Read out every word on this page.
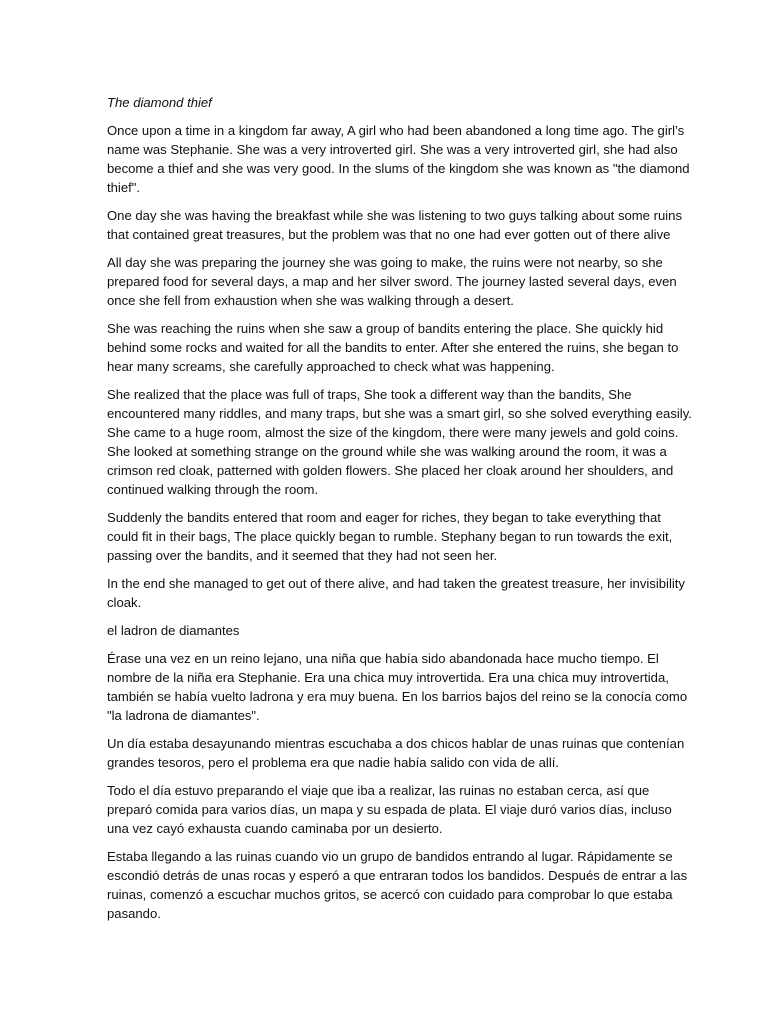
The diamond thief

Once upon a time in a kingdom far away, A girl who had been abandoned a long time ago. The girl’s name was Stephanie. She was a very introverted girl. She was a very introverted girl, she had also become a thief and she was very good. In the slums of the kingdom she was known as "the diamond thief".

One day she was having the breakfast while she was listening to two guys talking about some ruins that contained great treasures, but the problem was that no one had ever gotten out of there alive

All day she was preparing the journey she was going to make, the ruins were not nearby, so she prepared food for several days, a map and her silver sword. The journey lasted several days, even once she fell from exhaustion when she was walking through a desert.

She was reaching the ruins when she saw a group of bandits entering the place. She quickly hid behind some rocks and waited for all the bandits to enter. After she entered the ruins, she began to hear many screams, she carefully approached to check what was happening.

She realized that the place was full of traps, She took a different way than the bandits, She encountered many riddles, and many traps, but she was a smart girl, so she solved everything easily. She came to a huge room, almost the size of the kingdom, there were many jewels and gold coins. She looked at something strange on the ground while she was walking around the room, it was a crimson red cloak, patterned with golden flowers. She placed her cloak around her shoulders, and continued walking through the room.

Suddenly the bandits entered that room and eager for riches, they began to take everything that could fit in their bags, The place quickly began to rumble. Stephany began to run towards the exit, passing over the bandits, and it seemed that they had not seen her.

In the end she managed to get out of there alive, and had taken the greatest treasure, her invisibility cloak.

el ladron de diamantes

Érase una vez en un reino lejano, una niña que había sido abandonada hace mucho tiempo. El nombre de la niña era Stephanie. Era una chica muy introvertida. Era una chica muy introvertida, también se había vuelto ladrona y era muy buena. En los barrios bajos del reino se la conocía como "la ladrona de diamantes".

Un día estaba desayunando mientras escuchaba a dos chicos hablar de unas ruinas que contenían grandes tesoros, pero el problema era que nadie había salido con vida de allí.

Todo el día estuvo preparando el viaje que iba a realizar, las ruinas no estaban cerca, así que preparó comida para varios días, un mapa y su espada de plata. El viaje duró varios días, incluso una vez cayó exhausta cuando caminaba por un desierto.

Estaba llegando a las ruinas cuando vio un grupo de bandidos entrando al lugar. Rápidamente se escondió detrás de unas rocas y esperó a que entraran todos los bandidos. Después de entrar a las ruinas, comenzó a escuchar muchos gritos, se acercó con cuidado para comprobar lo que estaba pasando.
